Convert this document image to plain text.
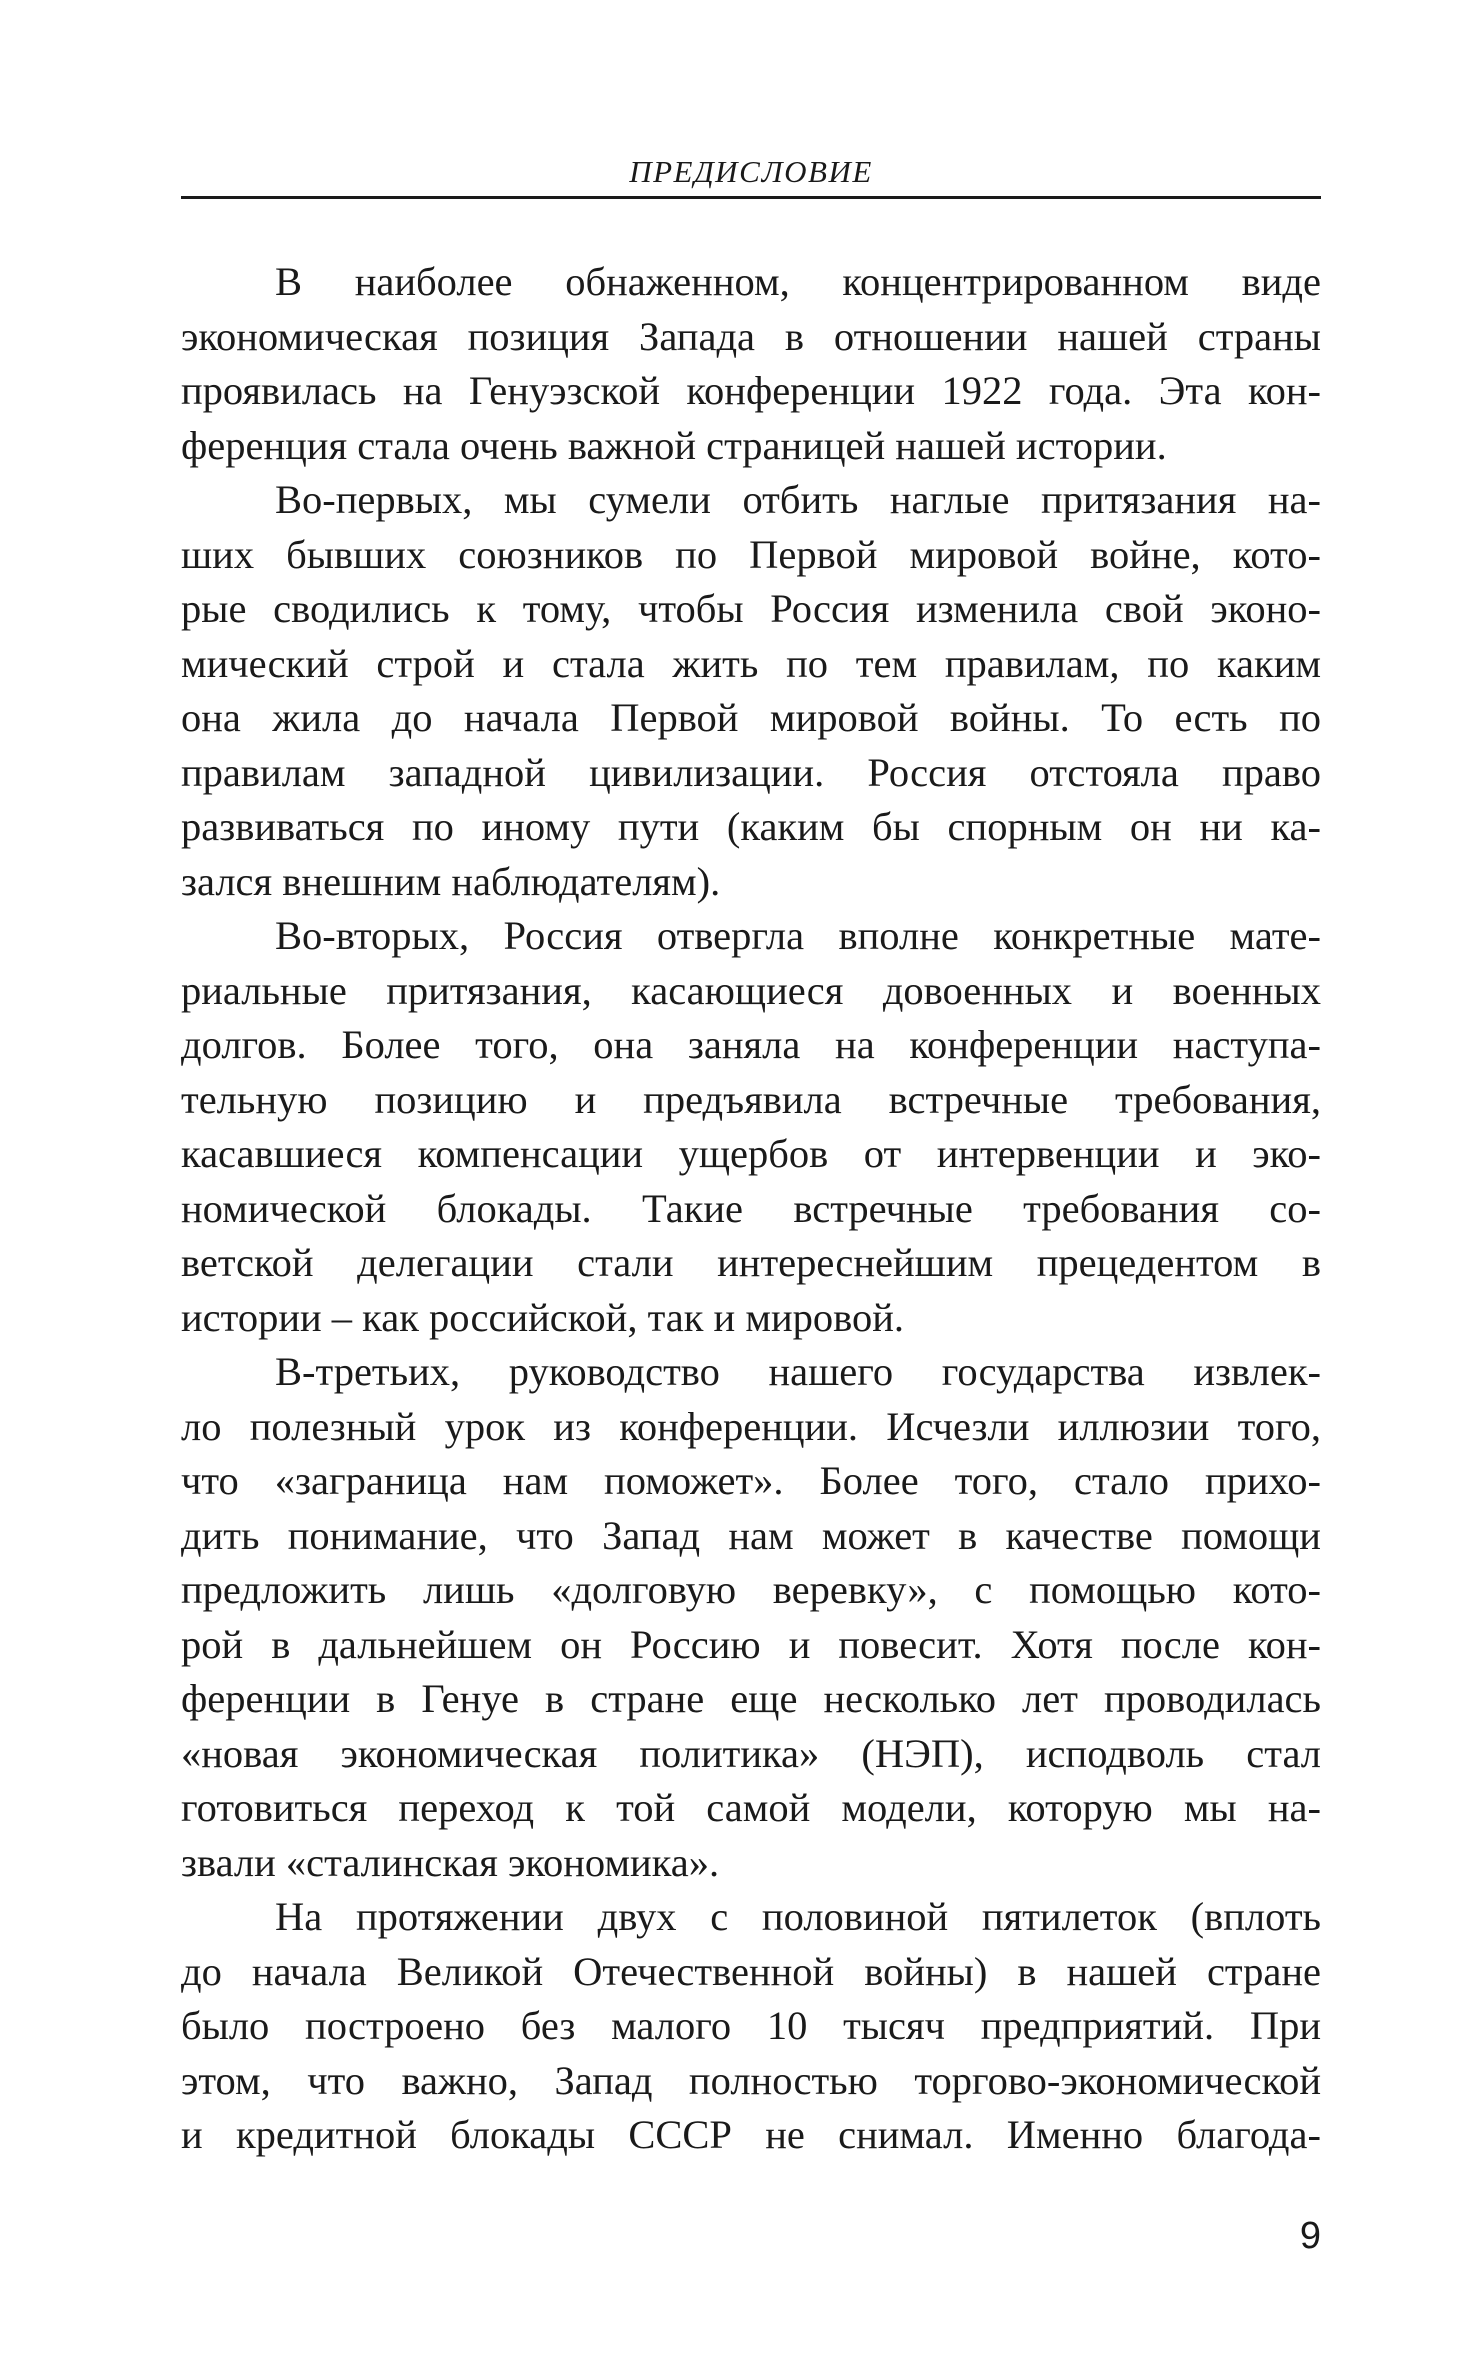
ПРЕДИСЛОВИЕ
В наиболее обнаженном, концентрированном виде
экономическая позиция Запада в отношении нашей страны
проявилась на Генуэзской конференции 1922 года. Эта кон-
ференция стала очень важной страницей нашей истории.
Во-первых, мы сумели отбить наглые притязания на-
ших бывших союзников по Первой мировой войне, кото-
рые сводились к тому, чтобы Россия изменила свой эконо-
мический строй и стала жить по тем правилам, по каким
она жила до начала Первой мировой войны. То есть по
правилам западной цивилизации. Россия отстояла право
развиваться по иному пути (каким бы спорным он ни ка-
зался внешним наблюдателям).
Во-вторых, Россия отвергла вполне конкретные мате-
риальные притязания, касающиеся довоенных и военных
долгов. Более того, она заняла на конференции наступа-
тельную позицию и предъявила встречные требования,
касавшиеся компенсации ущербов от интервенции и эко-
номической блокады. Такие встречные требования со-
ветской делегации стали интереснейшим прецедентом в
истории – как российской, так и мировой.
В-третьих, руководство нашего государства извлек-
ло полезный урок из конференции. Исчезли иллюзии того,
что «заграница нам поможет». Более того, стало прихо-
дить понимание, что Запад нам может в качестве помощи
предложить лишь «долговую веревку», с помощью кото-
рой в дальнейшем он Россию и повесит. Хотя после кон-
ференции в Генуе в стране еще несколько лет проводилась
«новая экономическая политика» (НЭП), исподволь стал
готовиться переход к той самой модели, которую мы на-
звали «сталинская экономика».
На протяжении двух с половиной пятилеток (вплоть
до начала Великой Отечественной войны) в нашей стране
было построено без малого 10 тысяч предприятий. При
этом, что важно, Запад полностью торгово-экономической
и кредитной блокады СССР не снимал. Именно благода-
9
